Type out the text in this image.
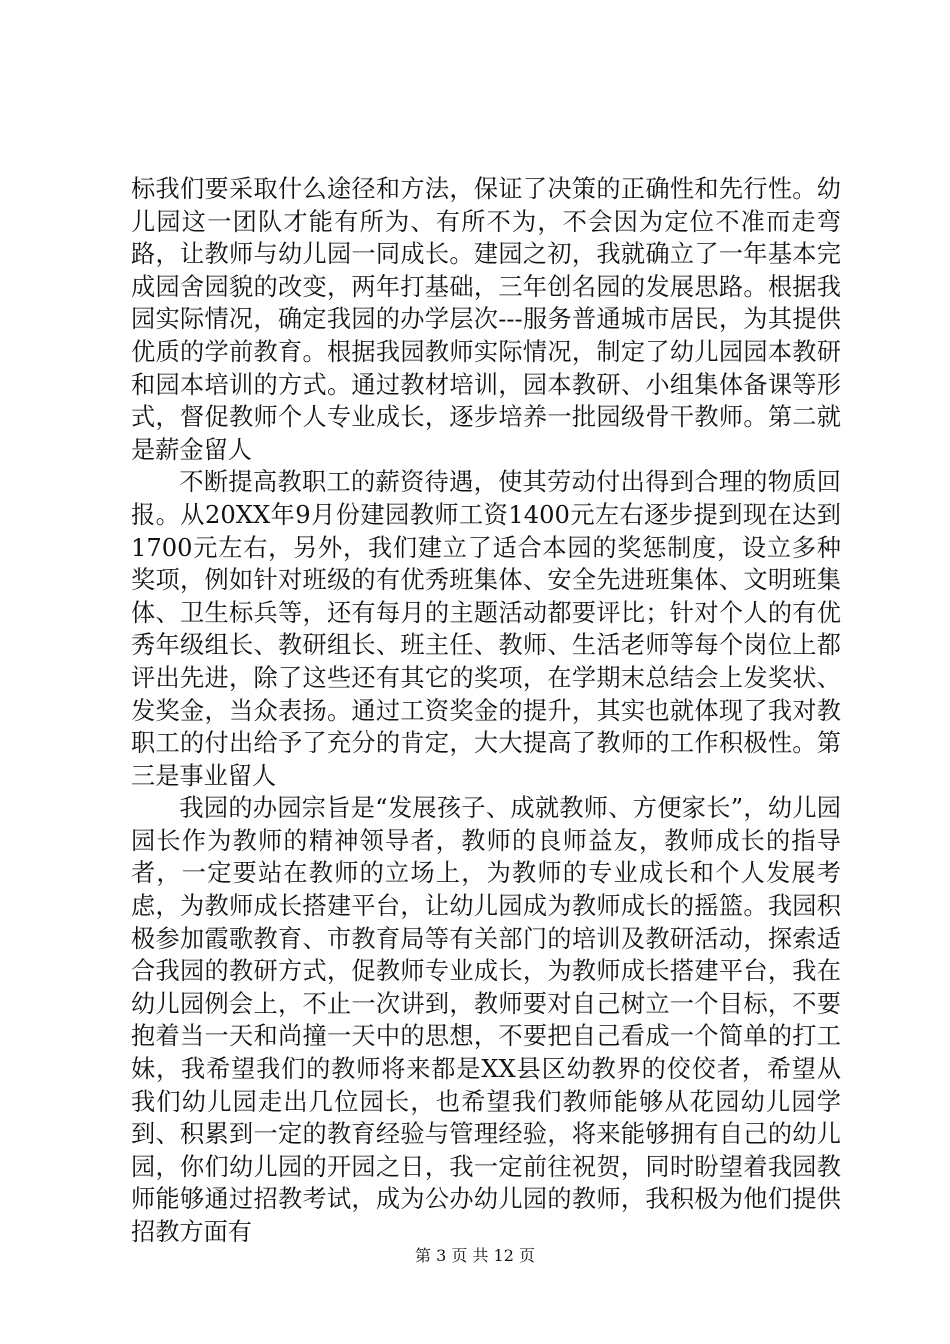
标我们要采取什么途径和方法，保证了决策的正确性和先行性。幼儿园这一团队才能有所为、有所不为，不会因为定位不准而走弯路，让教师与幼儿园一同成长。建园之初，我就确立了一年基本完成园舍园貌的改变，两年打基础，三年创名园的发展思路。根据我园实际情况，确定我园的办学层次---服务普通城市居民，为其提供优质的学前教育。根据我园教师实际情况，制定了幼儿园园本教研和园本培训的方式。通过教材培训，园本教研、小组集体备课等形式，督促教师个人专业成长，逐步培养一批园级骨干教师。第二就是薪金留人

不断提高教职工的薪资待遇，使其劳动付出得到合理的物质回报。从20XX年9月份建园教师工资1400元左右逐步提到现在达到1700元左右，另外，我们建立了适合本园的奖惩制度，设立多种奖项，例如针对班级的有优秀班集体、安全先进班集体、文明班集体、卫生标兵等，还有每月的主题活动都要评比；针对个人的有优秀年级组长、教研组长、班主任、教师、生活老师等每个岗位上都评出先进，除了这些还有其它的奖项，在学期末总结会上发奖状、发奖金，当众表扬。通过工资奖金的提升，其实也就体现了我对教职工的付出给予了充分的肯定，大大提高了教师的工作积极性。第三是事业留人

我园的办园宗旨是“发展孩子、成就教师、方便家长”，幼儿园园长作为教师的精神领导者，教师的良师益友，教师成长的指导者，一定要站在教师的立场上，为教师的专业成长和个人发展考虑，为教师成长搭建平台，让幼儿园成为教师成长的摇篮。我园积极参加霞歌教育、市教育局等有关部门的培训及教研活动，探索适合我园的教研方式，促教师专业成长，为教师成长搭建平台，我在幼儿园例会上，不止一次讲到，教师要对自己树立一个目标，不要抱着当一天和尚撞一天中的思想，不要把自己看成一个简单的打工妹，我希望我们的教师将来都是XX县区幼教界的佼佼者，希望从我们幼儿园走出几位园长，也希望我们教师能够从花园幼儿园学到、积累到一定的教育经验与管理经验，将来能够拥有自己的幼儿园，你们幼儿园的开园之日，我一定前往祝贺，同时盼望着我园教师能够通过招教考试，成为公办幼儿园的教师，我积极为他们提供招教方面有

第 3 页 共 12 页
